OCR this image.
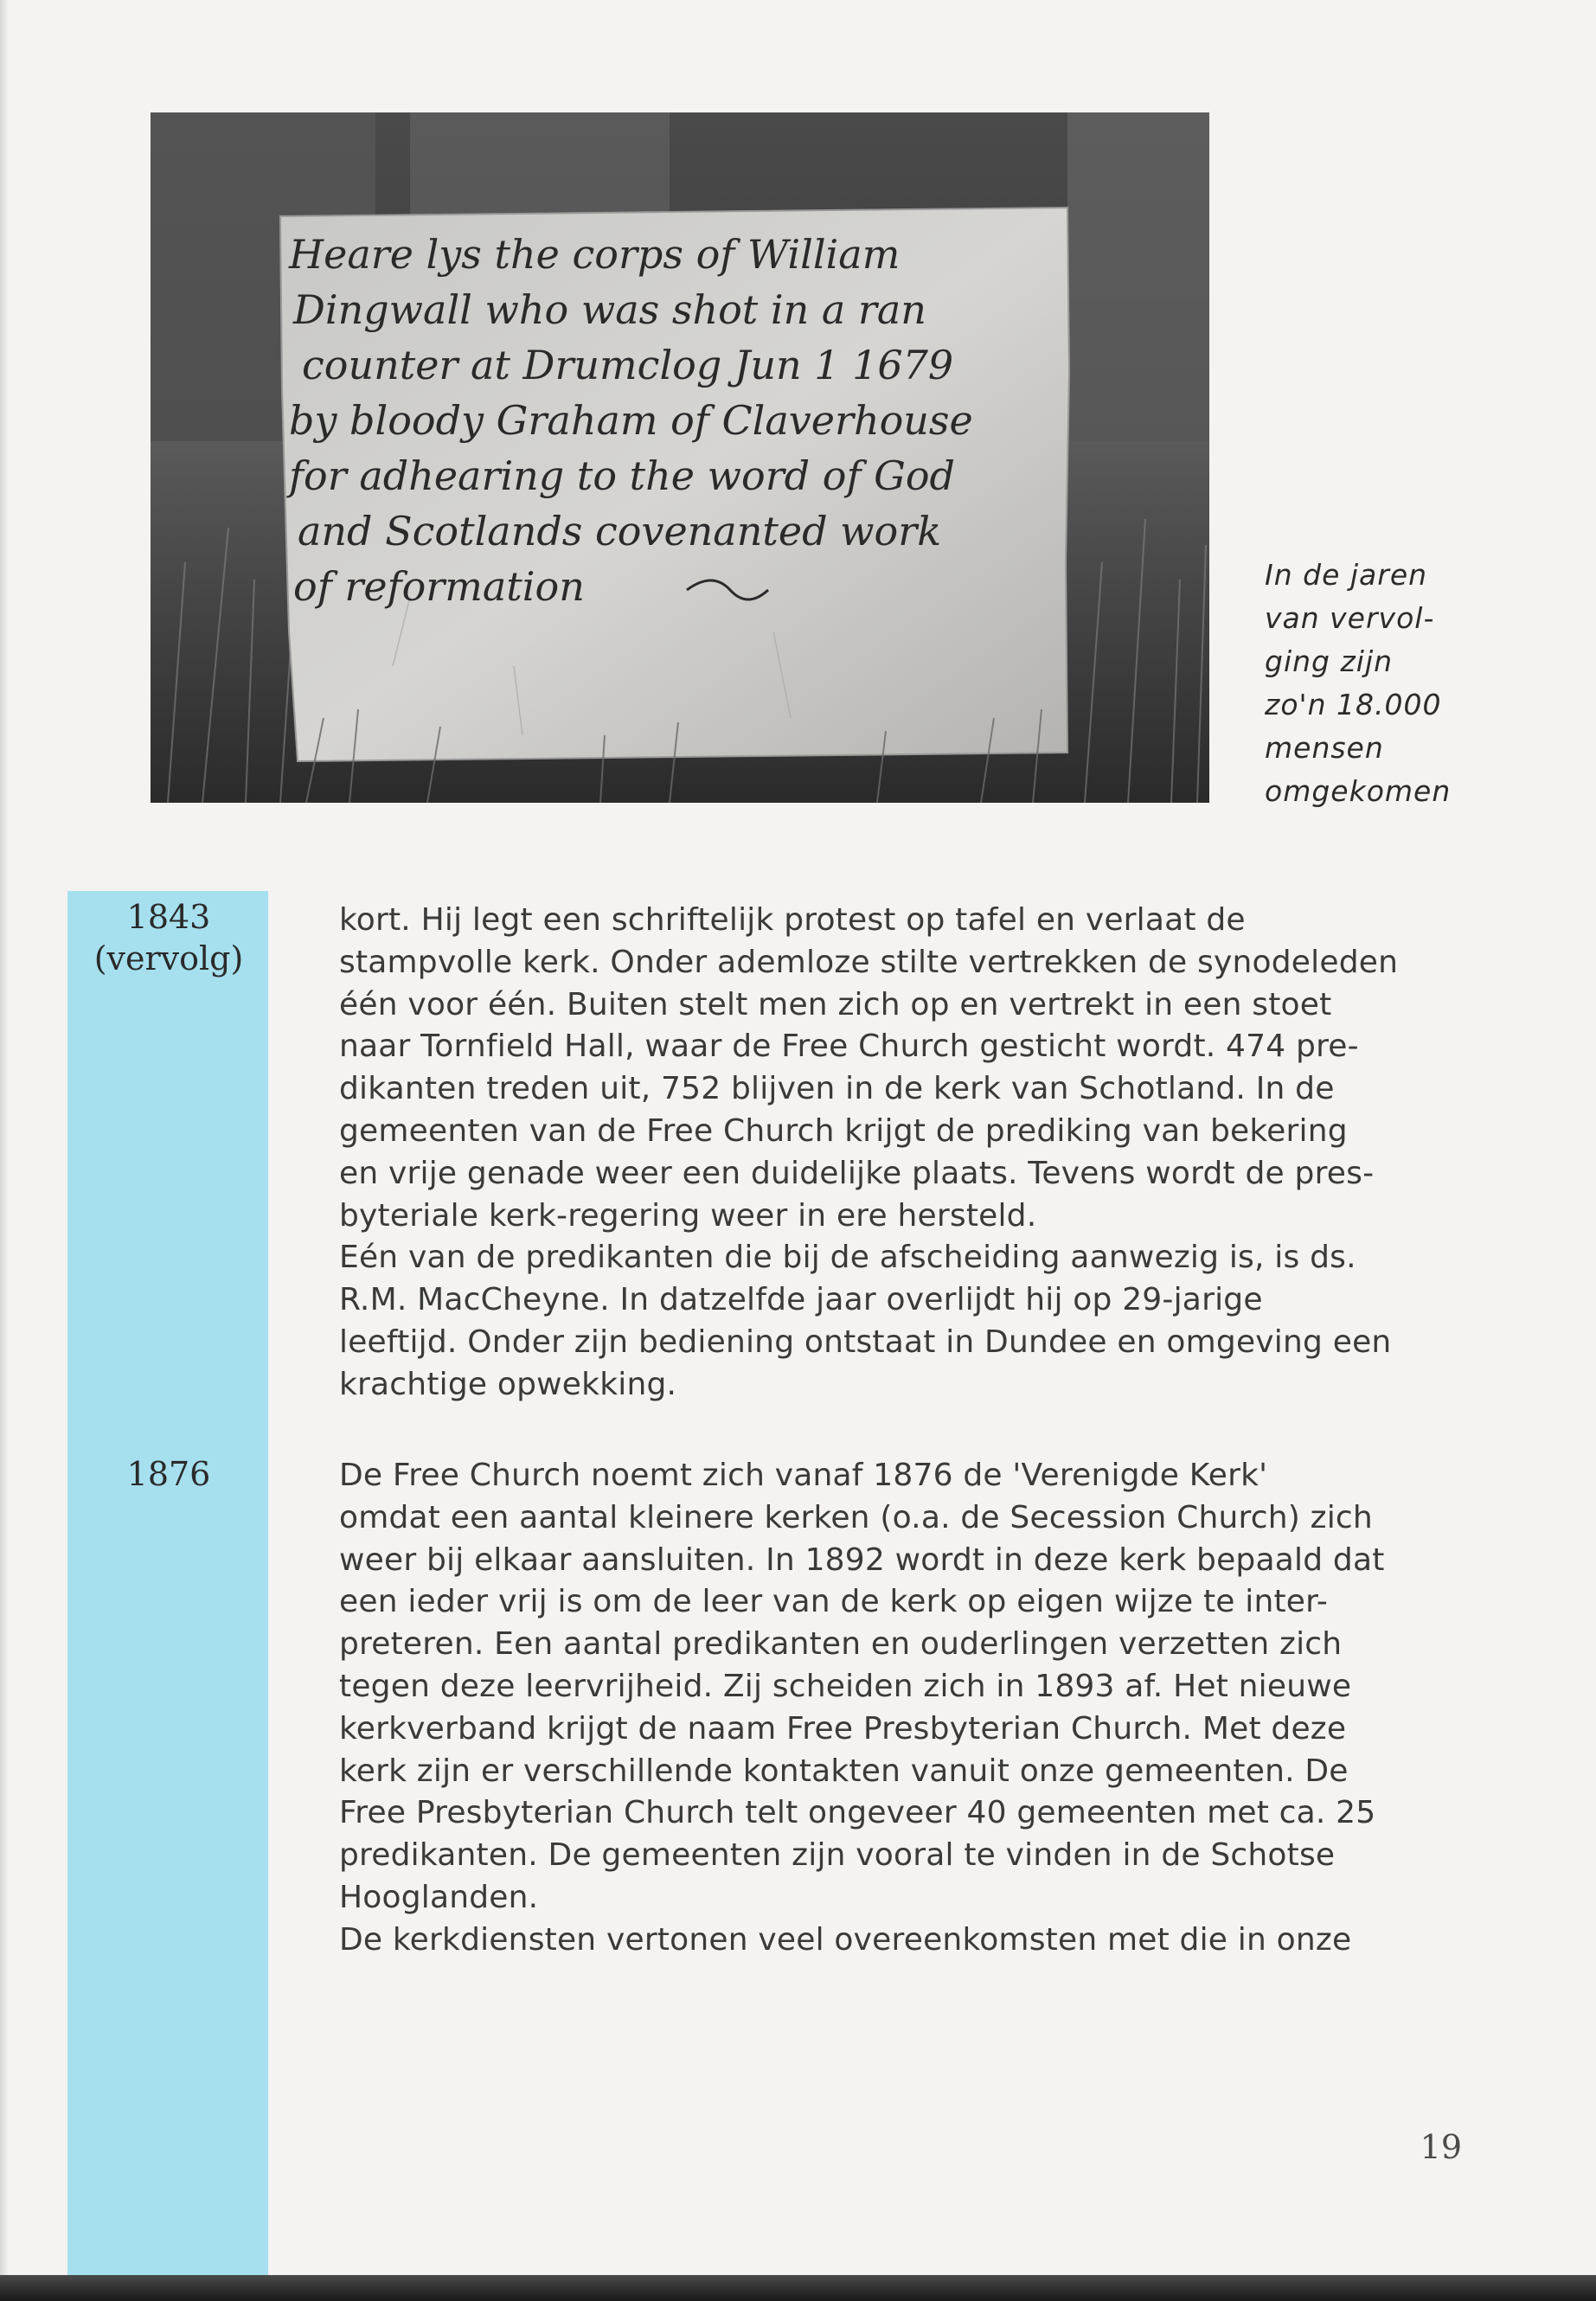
Heare lys the corps of William
Dingwall who was shot in a ran
counter at Drumclog Jun 1 1679
by bloody Graham of Claverhouse
for adhearing to the word of God
and Scotlands covenanted work
of reformation	In de jaren
van vervol-
ging zijn
zo'n 18.000
mensen
omgekomen
1843
(vervolg)
kort. Hij legt een schriftelijk protest op tafel en verlaat de
stampvolle kerk. Onder ademloze stilte vertrekken de synodeleden
één voor één. Buiten stelt men zich op en vertrekt in een stoet
naar Tornfield Hall, waar de Free Church gesticht wordt. 474 pre-
dikanten treden uit, 752 blijven in de kerk van Schotland. In de
gemeenten van de Free Church krijgt de prediking van bekering
en vrije genade weer een duidelijke plaats. Tevens wordt de pres-
byteriale kerk-regering weer in ere hersteld.
Eén van de predikanten die bij de afscheiding aanwezig is, is ds.
R.M. MacCheyne. In datzelfde jaar overlijdt hij op 29-jarige
leeftijd. Onder zijn bediening ontstaat in Dundee en omgeving een
krachtige opwekking.
1876	De Free Church noemt zich vanaf 1876 de 'Verenigde Kerk'
omdat een aantal kleinere kerken (o.a. de Secession Church) zich
weer bij elkaar aansluiten. In 1892 wordt in deze kerk bepaald dat
een ieder vrij is om de leer van de kerk op eigen wijze te inter-
preteren. Een aantal predikanten en ouderlingen verzetten zich
tegen deze leervrijheid. Zij scheiden zich in 1893 af. Het nieuwe
kerkverband krijgt de naam Free Presbyterian Church. Met deze
kerk zijn er verschillende kontakten vanuit onze gemeenten. De
Free Presbyterian Church telt ongeveer 40 gemeenten met ca. 25
predikanten. De gemeenten zijn vooral te vinden in de Schotse
Hooglanden.
De kerkdiensten vertonen veel overeenkomsten met die in onze
19
